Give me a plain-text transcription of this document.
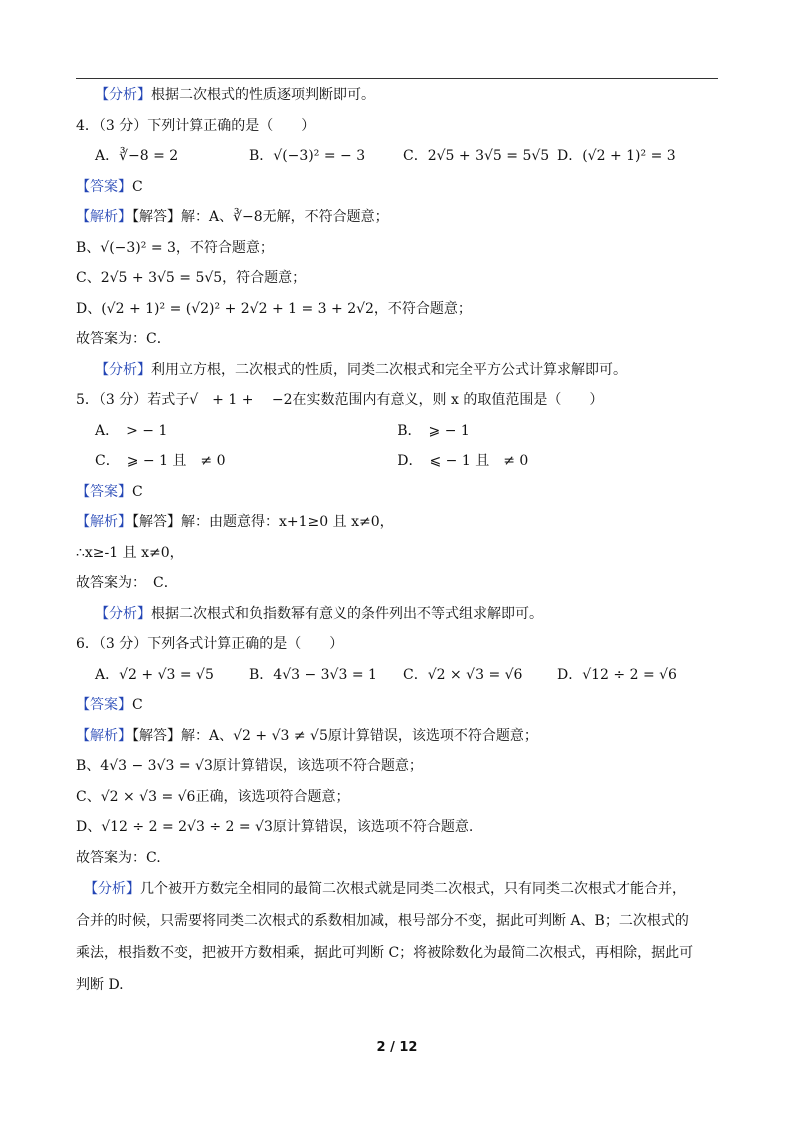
【分析】根据二次根式的性质逐项判断即可。
4．（3 分）下列计算正确的是（　　）
A．∛−8 = 2	B．√(−3)² = − 3	C．2√5 + 3√5 = 5√5 D．(√2 + 1)² = 3
【答案】C
【解析】【解答】解：A、∛−8无解，不符合题意；
B、√(−3)² = 3，不符合题意；
C、2√5 + 3√5 = 5√5，符合题意；
D、(√2 + 1)² = (√2)² + 2√2 + 1 = 3 + 2√2，不符合题意；
故答案为：C．
【分析】利用立方根，二次根式的性质，同类二次根式和完全平方公式计算求解即可。
5．（3 分）若式子√　+ 1 + 　−2在实数范围内有意义，则 x 的取值范围是（　　）
A．　> − 1	B．　⩾ − 1
C．　⩾ − 1 且　≠ 0	D．　⩽ − 1 且　≠ 0
【答案】C
【解析】【解答】解：由题意得：x+1≥0 且 x≠0，
∴x≥-1 且 x≠0，
故答案为：　C．
【分析】根据二次根式和负指数幂有意义的条件列出不等式组求解即可。
6．（3 分）下列各式计算正确的是（　　）
A．√2 + √3 = √5	B．4√3 − 3√3 = 1	C．√2 × √3 = √6	D．√12 ÷ 2 = √6
【答案】C
【解析】【解答】解：A、√2 + √3 ≠ √5原计算错误，该选项不符合题意；
B、4√3 − 3√3 = √3原计算错误，该选项不符合题意；
C、√2 × √3 = √6正确，该选项符合题意；
D、√12 ÷ 2 = 2√3 ÷ 2 = √3原计算错误，该选项不符合题意.
故答案为：C.
【分析】几个被开方数完全相同的最简二次根式就是同类二次根式，只有同类二次根式才能合并，
合并的时候，只需要将同类二次根式的系数相加减，根号部分不变，据此可判断 A、B；二次根式的
乘法，根指数不变，把被开方数相乘，据此可判断 C；将被除数化为最简二次根式，再相除，据此可
判断 D.
2 / 12
